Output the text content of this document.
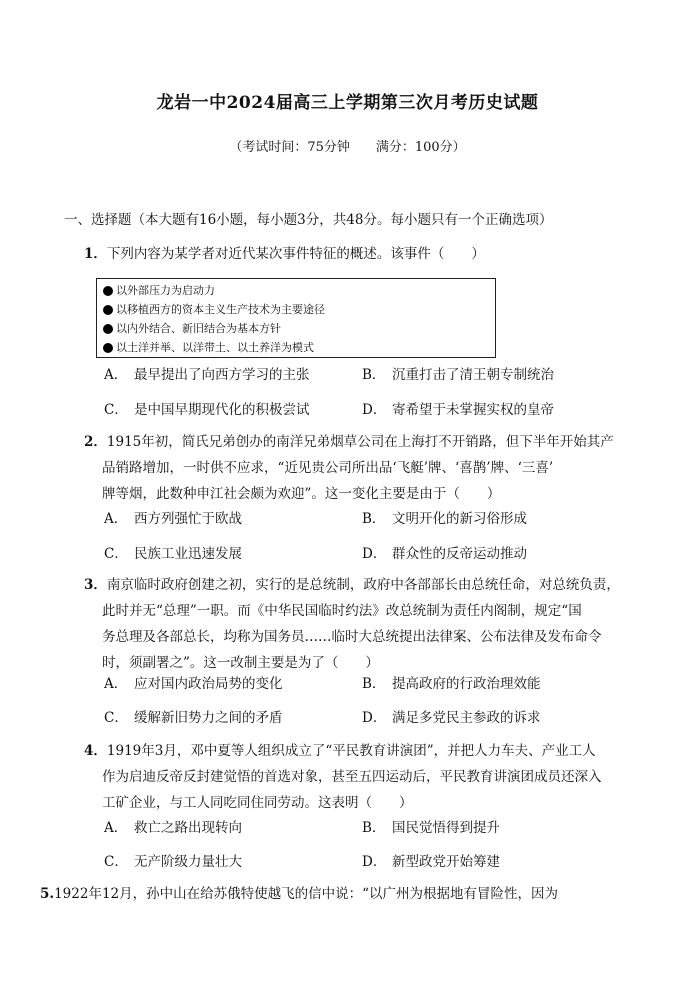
龙岩一中2024届高三上学期第三次月考历史试题
（考试时间：75分钟 满分：100分）
一、选择题（本大题有16小题，每小题3分，共48分。每小题只有一个正确选项）
1．下列内容为某学者对近代某次事件特征的概述。该事件（　　）
以外部压力为启动力
以移植西方的资本主义生产技术为主要途径
以内外结合、新旧结合为基本方针
以土洋并举、以洋带土、以土养洋为模式
A． 最早提出了向西方学习的主张	B． 沉重打击了清王朝专制统治
C． 是中国早期现代化的积极尝试	D． 寄希望于未掌握实权的皇帝
2．1915年初，简氏兄弟创办的南洋兄弟烟草公司在上海打不开销路，但下半年开始其产
品销路增加，一时供不应求，“近见贵公司所出品‘飞艇’牌、‘喜鹊’牌、‘三喜’
牌等烟，此数种申江社会颇为欢迎”。这一变化主要是由于（　　）
A． 西方列强忙于欧战	B． 文明开化的新习俗形成
C． 民族工业迅速发展	D． 群众性的反帝运动推动
3．南京临时政府创建之初，实行的是总统制，政府中各部部长由总统任命，对总统负责，
此时并无“总理”一职。而《中华民国临时约法》改总统制为责任内阁制，规定“国
务总理及各部总长，均称为国务员……临时大总统提出法律案、公布法律及发布命令
时，须副署之”。这一改制主要是为了（　　）
A． 应对国内政治局势的变化	B． 提高政府的行政治理效能
C． 缓解新旧势力之间的矛盾	D． 满足多党民主参政的诉求
4．1919年3月，邓中夏等人组织成立了“平民教育讲演团”，并把人力车夫、产业工人
作为启迪反帝反封建觉悟的首选对象，甚至五四运动后，平民教育讲演团成员还深入
工矿企业，与工人同吃同住同劳动。这表明（　　）
A． 救亡之路出现转向	B． 国民觉悟得到提升
C． 无产阶级力量壮大	D． 新型政党开始筹建
5.1922年12月，孙中山在给苏俄特使越飞的信中说：“以广州为根据地有冒险性，因为
